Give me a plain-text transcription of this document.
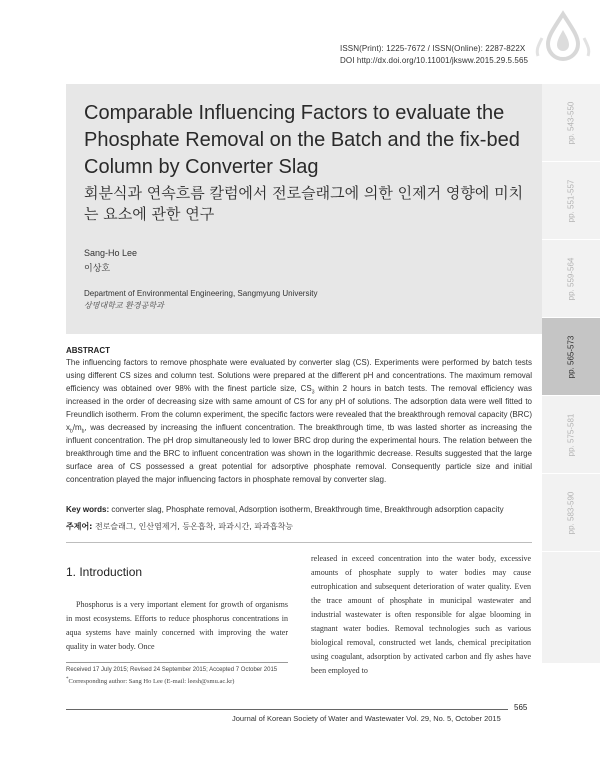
ISSN(Print): 1225-7672 / ISSN(Online): 2287-822X
DOI http://dx.doi.org/10.11001/jksww.2015.29.5.565
Comparable Influencing Factors to evaluate the Phosphate Removal on the Batch and the fix-bed Column by Converter Slag
회분식과 연속흐름 칼럼에서 전로슬래그에 의한 인제거 영향에 미치는 요소에 관한 연구
Sang-Ho Lee
이상호
Department of Environmental Engineering, Sangmyung University
상명대학교 환경공학과
pp. 543-550
pp. 551-557
pp. 559-564
pp. 565-573
pp. 575-581
pp. 583-590
ABSTRACT

The influencing factors to remove phosphate were evaluated by converter slag (CS). Experiments were performed by batch tests using different CS sizes and column test. Solutions were prepared at the different pH and concentrations. The maximum removal efficiency was obtained over 98% with the finest particle size, $CS_3$ within 2 hours in batch tests. The removal efficiency was increased in the order of decreasing size with same amount of CS for any pH of solutions. The adsorption data were well fitted to Freundlich isotherm. From the column experiment, the specific factors were revealed that the breakthrough removal capacity (BRC) $x_b/m_b$, was decreased by increasing the influent concentration. The breakthrough time, tb was lasted shorter as increasing the influent concentration. The pH drop simultaneously led to lower BRC drop during the experimental hours. The relation between the breakthrough time and the BRC to influent concentration was shown in the logarithmic decrease. Results suggested that the large surface area of CS possessed a great potential for adsorptive phosphate removal. Consequently particle size and initial concentration played the major influencing factors in phosphate removal by converter slag.

Key words: converter slag, Phosphate removal, Adsorption isotherm, Breakthrough time, Breakthrough adsorption capacity
주제어: 전로슬래그, 인산염제거, 등온흡착, 파과시간, 파과흡착능
1. Introduction

Phosphorus is a very important element for growth of organisms in most ecosystems. Efforts to reduce phosphorus concentrations in aqua systems have mainly concerned with improving the water quality in water body. Once

released in exceed concentration into the water body, excessive amounts of phosphate supply to water bodies may cause eutrophication and subsequent deterioration of water quality. Even the trace amount of phosphate in municipal wastewater and industrial wastewater is often responsible for algae blooming in stagnant water bodies. Removal technologies such as various biological removal, constructed wet lands, chemical precipitation using coagulant, adsorption by activated carbon and fly ashes have been employed to

Received 17 July 2015; Revised 24 September 2015; Accepted 7 October 2015
*Corresponding author: Sang Ho Lee (E-mail: leesh@smu.ac.kr)
565
Journal of Korean Society of Water and Wastewater Vol. 29, No. 5, October 2015
